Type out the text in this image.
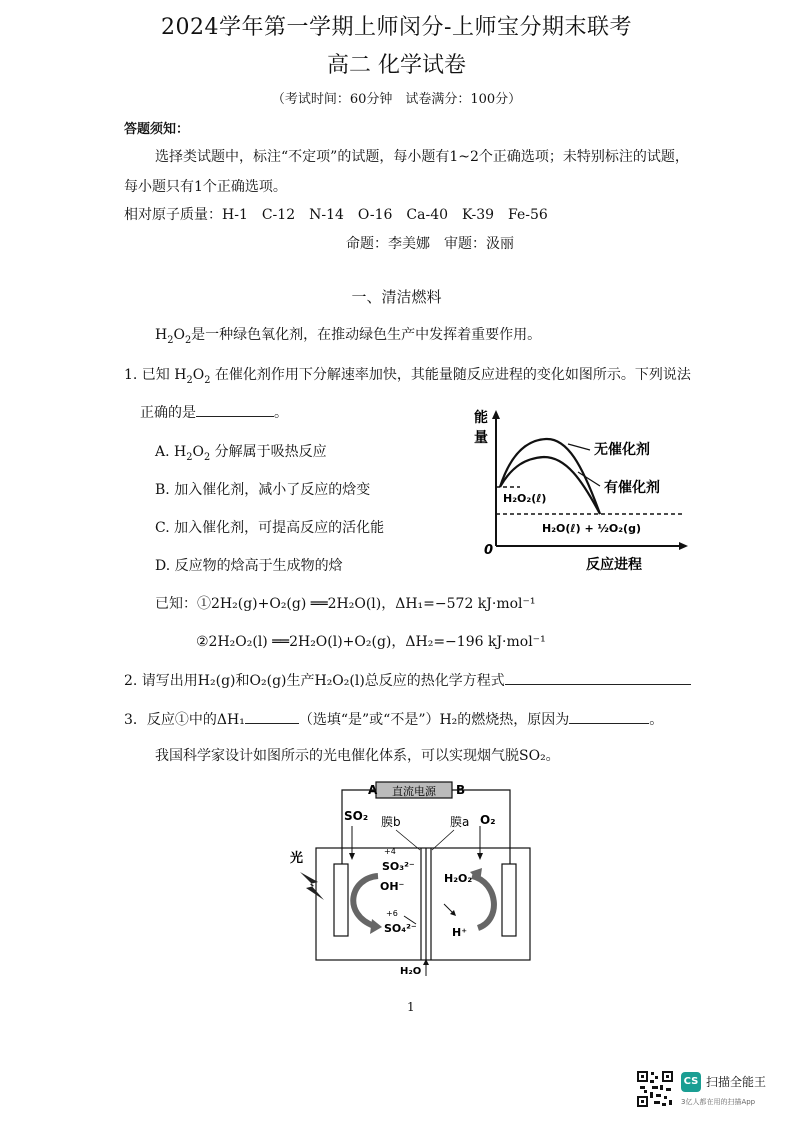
2024学年第一学期上师闵分-上师宝分期末联考
高二 化学试卷
（考试时间：60分钟　试卷满分：100分）
答题须知：
选择类试题中，标注“不定项”的试题，每小题有1~2个正确选项；未特别标注的试题，
每小题只有1个正确选项。
相对原子质量：H-1　C-12　N-14　O-16　Ca-40　K-39　Fe-56
命题：李美娜　审题：汲丽
一、清洁燃料
$H_2O_2$是一种绿色氧化剂，在推动绿色生产中发挥着重要作用。
1. 已知 $H_2O_2$ 在催化剂作用下分解速率加快，其能量随反应进程的变化如图所示。下列说法
正确的是	。
A. $H_2O_2$ 分解属于吸热反应
B. 加入催化剂，减小了反应的焓变
C. 加入催化剂，可提高反应的活化能
D. 反应物的焓高于生成物的焓
能
量
0
无催化剂
有催化剂
H₂O₂(ℓ)
H₂O(ℓ) + ½O₂(g)
反应进程
已知：①2H₂(g)+O₂(g) ══2H₂O(l)，ΔH₁=−572 kJ·mol⁻¹
②2H₂O₂(l) ══2H₂O(l)+O₂(g)，ΔH₂=−196 kJ·mol⁻¹
2. 请写出用H₂(g)和O₂(g)生产H₂O₂(l)总反应的热化学方程式
3．反应①中的ΔH₁	（选填“是”或“不是”）H₂的燃烧热，原因为	。
我国科学家设计如图所示的光电催化体系，可以实现烟气脱SO₂。
直流电源
A	B
SO₂	O₂
膜b	膜a
光	+4
SO₃²⁻
OH⁻
+6
SO₄²⁻
H₂O₂
H⁺
H₂O
1
CS 扫描全能王
3亿人都在用的扫描App
